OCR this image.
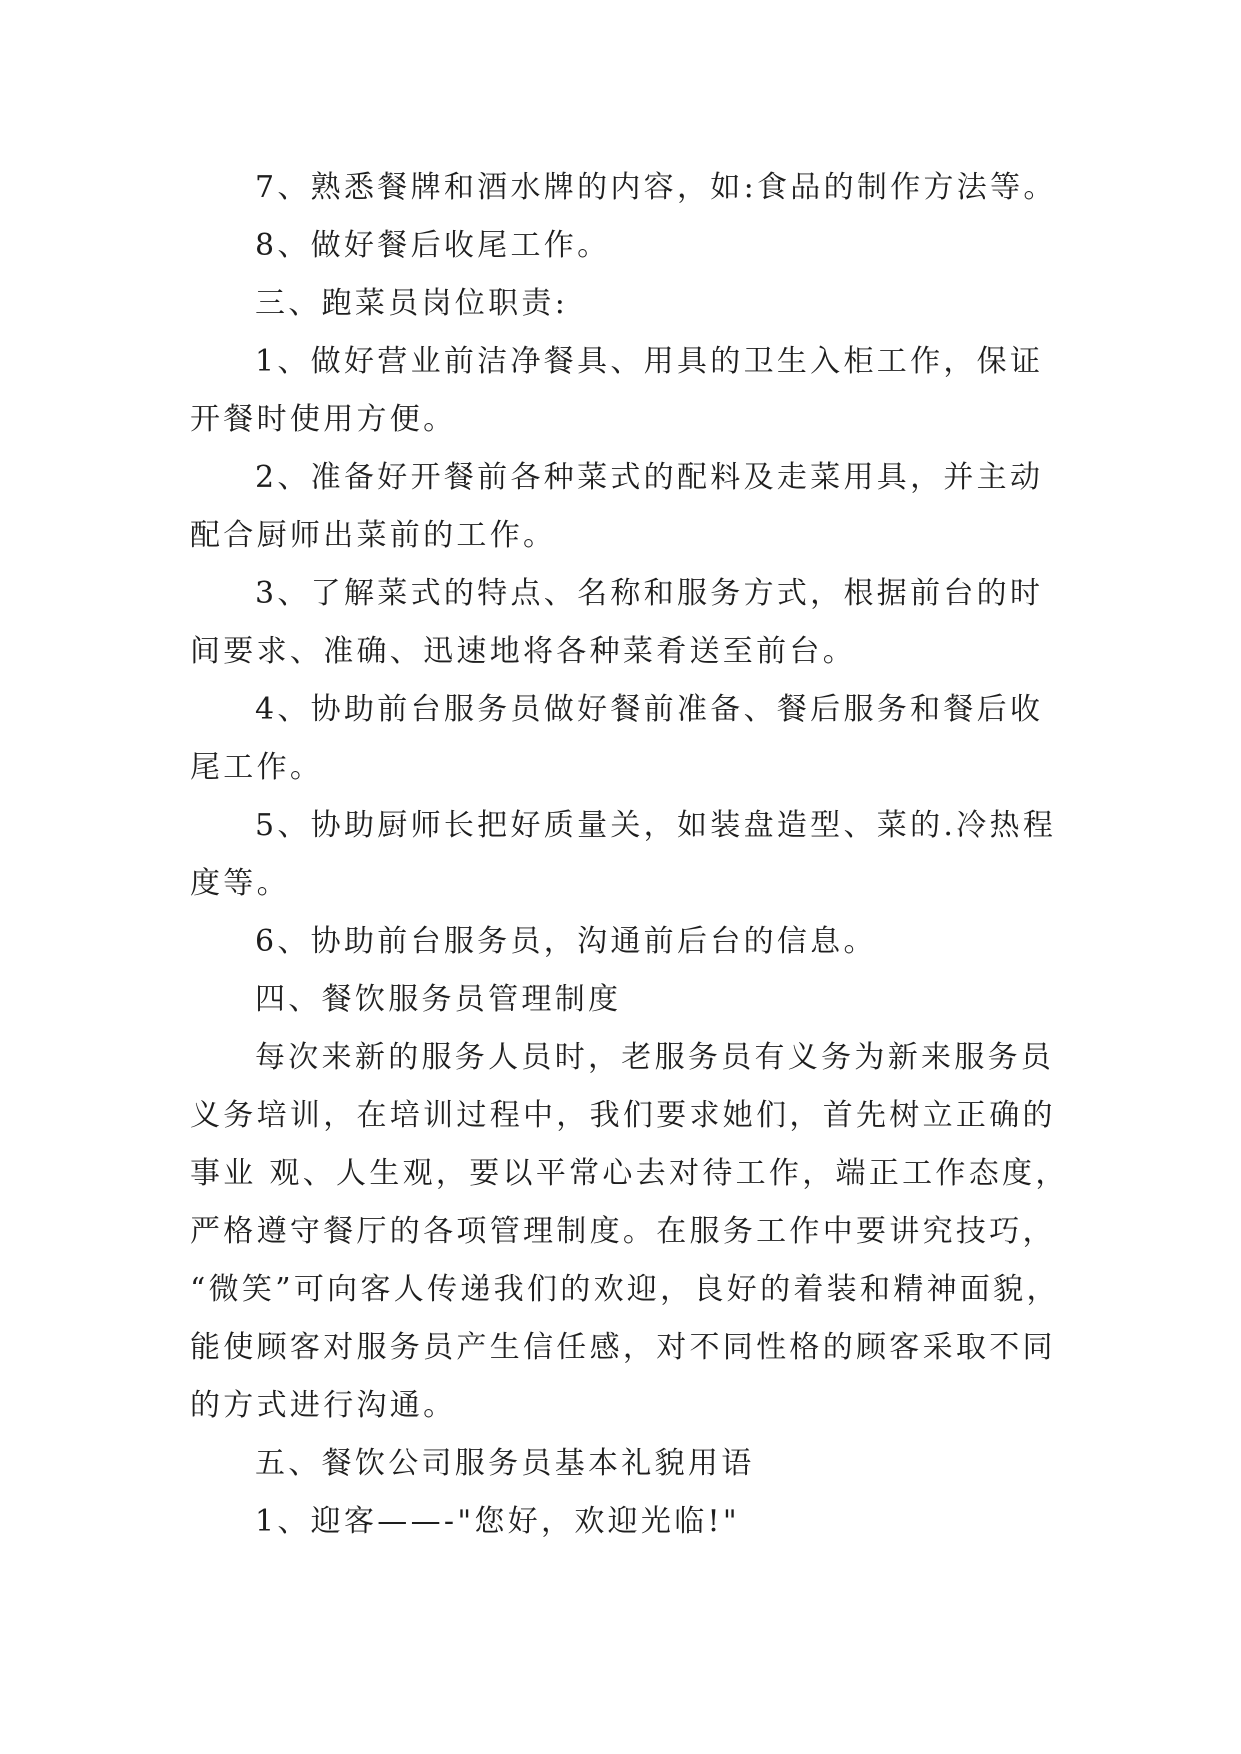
7、熟悉餐牌和酒水牌的内容，如:食品的制作方法等。
8、做好餐后收尾工作。
三、跑菜员岗位职责:
1、做好营业前洁净餐具、用具的卫生入柜工作，保证
开餐时使用方便。
2、准备好开餐前各种菜式的配料及走菜用具，并主动
配合厨师出菜前的工作。
3、了解菜式的特点、名称和服务方式，根据前台的时
间要求、准确、迅速地将各种菜肴送至前台。
4、协助前台服务员做好餐前准备、餐后服务和餐后收
尾工作。
5、协助厨师长把好质量关，如装盘造型、菜的.冷热程
度等。
6、协助前台服务员，沟通前后台的信息。
四、餐饮服务员管理制度
每次来新的服务人员时，老服务员有义务为新来服务员
义务培训，在培训过程中，我们要求她们，首先树立正确的
事业 观、人生观，要以平常心去对待工作，端正工作态度，
严格遵守餐厅的各项管理制度。在服务工作中要讲究技巧，
“微笑”可向客人传递我们的欢迎，良好的着装和精神面貌，
能使顾客对服务员产生信任感，对不同性格的顾客采取不同
的方式进行沟通。
五、餐饮公司服务员基本礼貌用语
1、迎客——-"您好，欢迎光临!"
